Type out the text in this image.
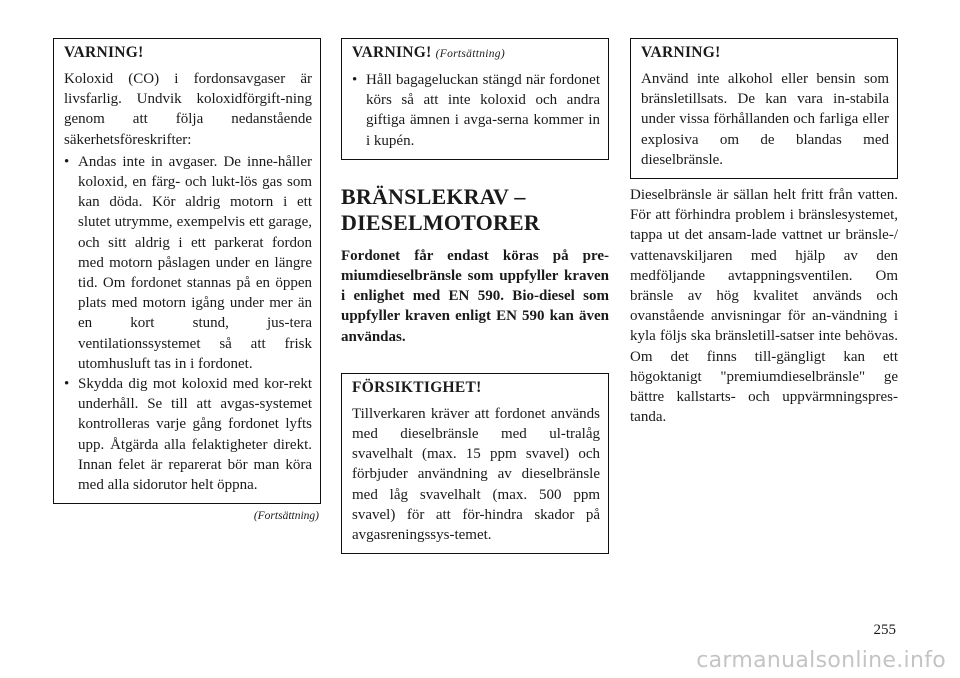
VARNING!

Koloxid (CO) i fordonsavgaser är livsfarlig. Undvik koloxidförgift-ning genom att följa nedanstående säkerhetsföreskrifter:

• Andas inte in avgaser. De inne-håller koloxid, en färg- och lukt-lös gas som kan döda. Kör aldrig motorn i ett slutet utrymme, exempelvis ett garage, och sitt aldrig i ett parkerat fordon med motorn påslagen under en längre tid. Om fordonet stannas på en öppen plats med motorn igång under mer än en kort stund, jus-tera ventilationssystemet så att frisk utomhusluft tas in i fordonet.
• Skydda dig mot koloxid med kor-rekt underhåll. Se till att avgas-systemet kontrolleras varje gång fordonet lyfts upp. Åtgärda alla felaktigheter direkt. Innan felet är reparerat bör man köra med alla sidorutor helt öppna.
(Fortsättning)
VARNING! (Fortsättning)
• Håll bagageluckan stängd när fordonet körs så att inte koloxid och andra giftiga ämnen i avga-serna kommer in i kupén.
BRÄNSLEKRAV – DIESELMOTORER

Fordonet får endast köras på pre-miumdieselbränsle som uppfyller kraven i enlighet med EN 590. Bio-diesel som uppfyller kraven enligt EN 590 kan även användas.

FÖRSIKTIGHET!

Tillverkaren kräver att fordonet används med dieselbränsle med ul-tralåg svavelhalt (max. 15 ppm svavel) och förbjuder användning av dieselbränsle med låg svavelhalt (max. 500 ppm svavel) för att för-hindra skador på avgasreningssys-temet.

VARNING!

Använd inte alkohol eller bensin som bränsletillsats. De kan vara in-stabila under vissa förhållanden och farliga eller explosiva om de blandas med dieselbränsle.

Dieselbränsle är sällan helt fritt från vatten. För att förhindra problem i bränslesystemet, tappa ut det ansam-lade vattnet ur bränsle-/ vattenavskiljaren med hjälp av den medföljande avtappningsventilen. Om bränsle av hög kvalitet används och ovanstående anvisningar för an-vändning i kyla följs ska bränsletill-satser inte behövas. Om det finns till-gängligt kan ett högoktanigt "premiumdieselbränsle" ge bättre kallstarts- och uppvärmningspres-tanda.

255
carmanualsonline.info
